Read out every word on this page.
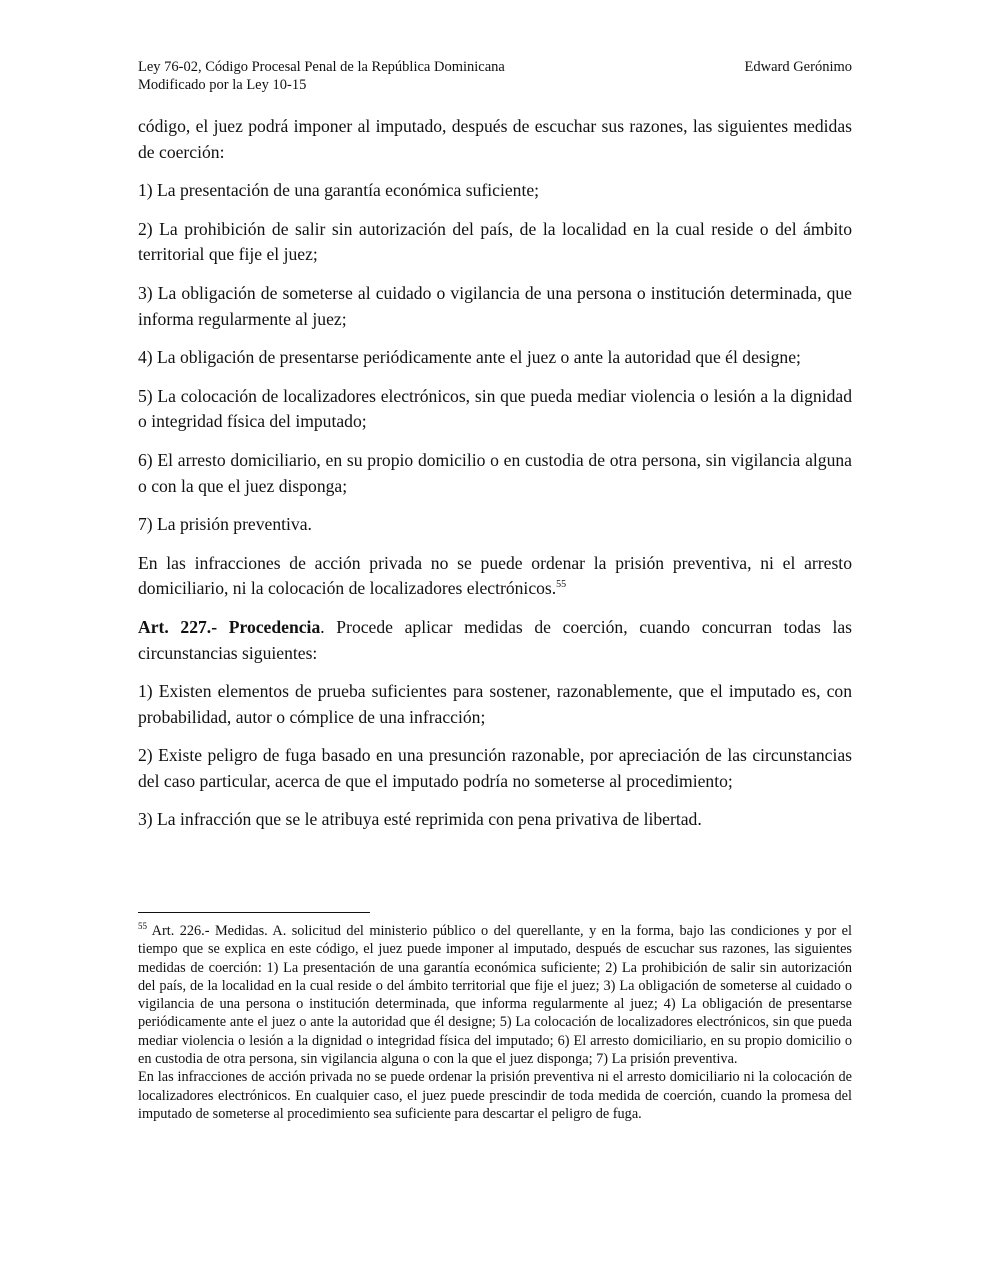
Ley 76-02, Código Procesal Penal de la República Dominicana	Edward Gerónimo
Modificado por la Ley 10-15

código, el juez podrá imponer al imputado, después de escuchar sus razones, las siguientes medidas de coerción:

1) La presentación de una garantía económica suficiente;

2) La prohibición de salir sin autorización del país, de la localidad en la cual reside o del ámbito territorial que fije el juez;

3) La obligación de someterse al cuidado o vigilancia de una persona o institución determinada, que informa regularmente al juez;

4) La obligación de presentarse periódicamente ante el juez o ante la autoridad que él designe;

5) La colocación de localizadores electrónicos, sin que pueda mediar violencia o lesión a la dignidad o integridad física del imputado;

6) El arresto domiciliario, en su propio domicilio o en custodia de otra persona, sin vigilancia alguna o con la que el juez disponga;

7) La prisión preventiva.

En las infracciones de acción privada no se puede ordenar la prisión preventiva, ni el arresto domiciliario, ni la colocación de localizadores electrónicos.$^{55}$

Art. 227.- Procedencia. Procede aplicar medidas de coerción, cuando concurran todas las circunstancias siguientes:

1) Existen elementos de prueba suficientes para sostener, razonablemente, que el imputado es, con probabilidad, autor o cómplice de una infracción;

2) Existe peligro de fuga basado en una presunción razonable, por apreciación de las circunstancias del caso particular, acerca de que el imputado podría no someterse al procedimiento;

3) La infracción que se le atribuya esté reprimida con pena privativa de libertad.

$^{55}$ Art. 226.- Medidas. A. solicitud del ministerio público o del querellante, y en la forma, bajo las condiciones y por el tiempo que se explica en este código, el juez puede imponer al imputado, después de escuchar sus razones, las siguientes medidas de coerción: 1) La presentación de una garantía económica suficiente; 2) La prohibición de salir sin autorización del país, de la localidad en la cual reside o del ámbito territorial que fije el juez; 3) La obligación de someterse al cuidado o vigilancia de una persona o institución determinada, que informa regularmente al juez; 4) La obligación de presentarse periódicamente ante el juez o ante la autoridad que él designe; 5) La colocación de localizadores electrónicos, sin que pueda mediar violencia o lesión a la dignidad o integridad física del imputado; 6) El arresto domiciliario, en su propio domicilio o en custodia de otra persona, sin vigilancia alguna o con la que el juez disponga; 7) La prisión preventiva.

En las infracciones de acción privada no se puede ordenar la prisión preventiva ni el arresto domiciliario ni la colocación de localizadores electrónicos. En cualquier caso, el juez puede prescindir de toda medida de coerción, cuando la promesa del imputado de someterse al procedimiento sea suficiente para descartar el peligro de fuga.
